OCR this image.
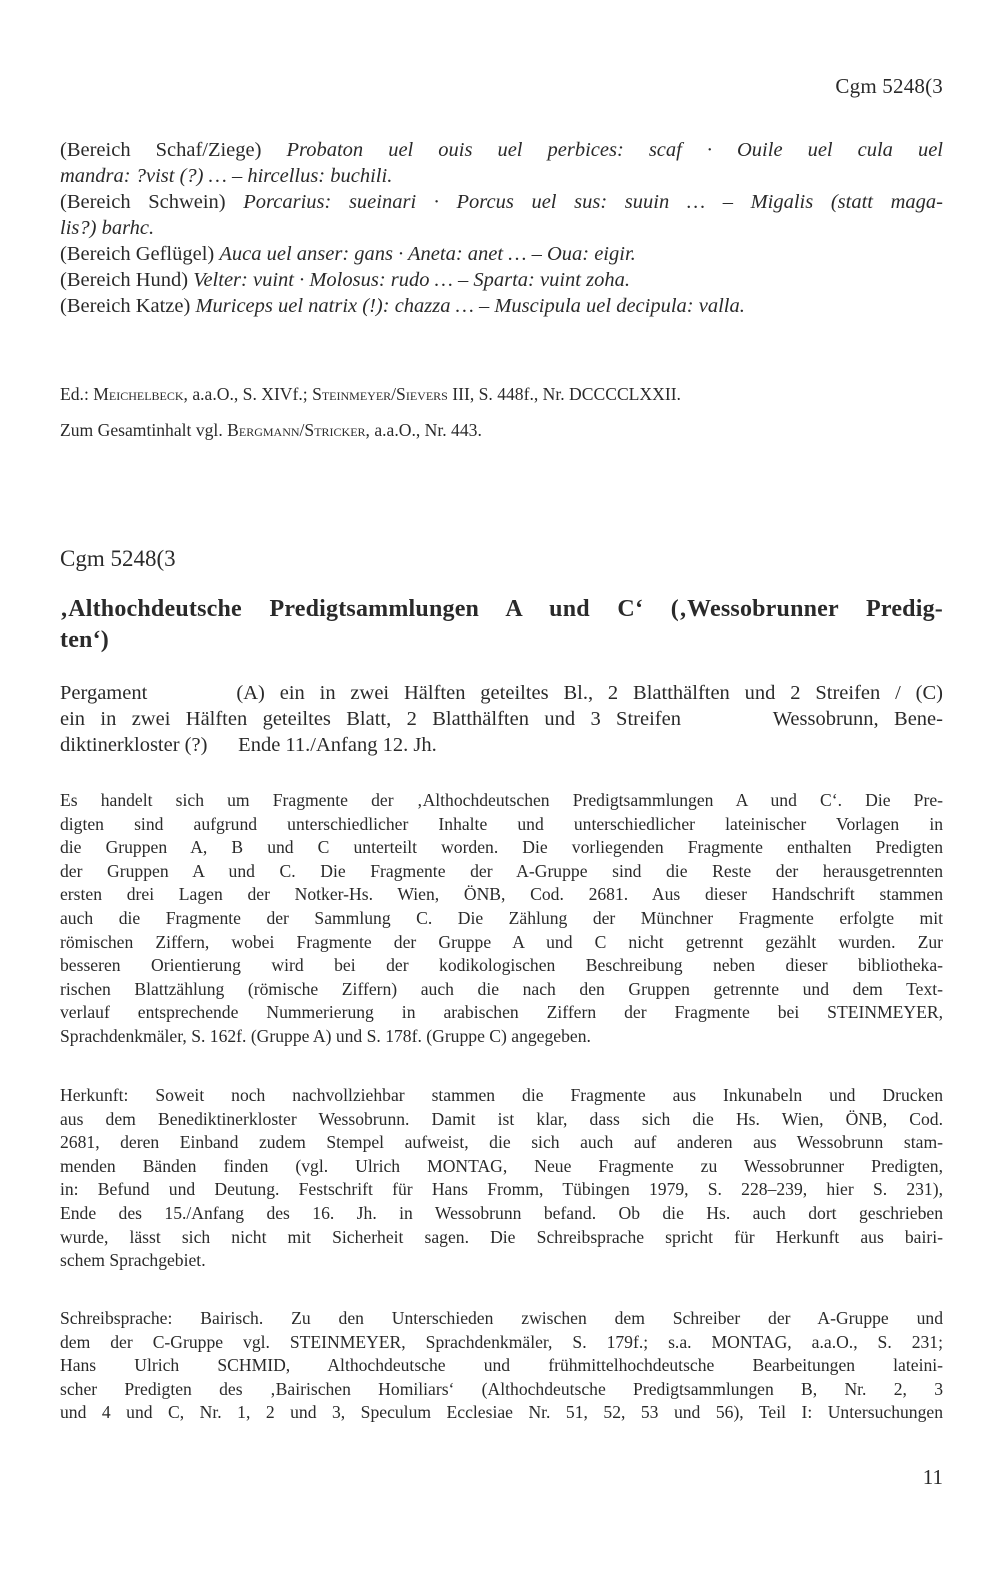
Cgm 5248(3
(Bereich Schaf/Ziege) Probaton uel ouis uel perbices: scaf · Ouile uel cula uel
mandra: ?vist (?) … – hircellus: buchili.
(Bereich Schwein) Porcarius: sueinari · Porcus uel sus: suuin … – Migalis (statt maga-
lis?) barhc.
(Bereich Geflügel) Auca uel anser: gans · Aneta: anet … – Oua: eigir.
(Bereich Hund) Velter: vuint · Molosus: rudo … – Sparta: vuint zoha.
(Bereich Katze) Muriceps uel natrix (!): chazza … – Muscipula uel decipula: valla.
Ed.: Meichelbeck, a.a.O., S. XIVf.; Steinmeyer/Sievers III, S. 448f., Nr. DCCCCLXXII.
Zum Gesamtinhalt vgl. Bergmann/Stricker, a.a.O., Nr. 443.
Cgm 5248(3
‚Althochdeutsche Predigtsammlungen A und C‘ (‚Wessobrunner Predig-
ten‘)
Pergament      (A) ein in zwei Hälften geteiltes Bl., 2 Blatthälften und 2 Streifen / (C)
ein in zwei Hälften geteiltes Blatt, 2 Blatthälften und 3 Streifen      Wessobrunn, Bene-
diktinerkloster (?)      Ende 11./Anfang 12. Jh.
Es handelt sich um Fragmente der ‚Althochdeutschen Predigtsammlungen A und C‘. Die Pre-
digten sind aufgrund unterschiedlicher Inhalte und unterschiedlicher lateinischer Vorlagen in
die Gruppen A, B und C unterteilt worden. Die vorliegenden Fragmente enthalten Predigten
der Gruppen A und C. Die Fragmente der A-Gruppe sind die Reste der herausgetrennten
ersten drei Lagen der Notker-Hs. Wien, ÖNB, Cod. 2681. Aus dieser Handschrift stammen
auch die Fragmente der Sammlung C. Die Zählung der Münchner Fragmente erfolgte mit
römischen Ziffern, wobei Fragmente der Gruppe A und C nicht getrennt gezählt wurden. Zur
besseren Orientierung wird bei der kodikologischen Beschreibung neben dieser bibliotheka-
rischen Blattzählung (römische Ziffern) auch die nach den Gruppen getrennte und dem Text-
verlauf entsprechende Nummerierung in arabischen Ziffern der Fragmente bei STEINMEYER,
Sprachdenkmäler, S. 162f. (Gruppe A) und S. 178f. (Gruppe C) angegeben.
Herkunft: Soweit noch nachvollziehbar stammen die Fragmente aus Inkunabeln und Drucken
aus dem Benediktinerkloster Wessobrunn. Damit ist klar, dass sich die Hs. Wien, ÖNB, Cod.
2681, deren Einband zudem Stempel aufweist, die sich auch auf anderen aus Wessobrunn stam-
menden Bänden finden (vgl. Ulrich MONTAG, Neue Fragmente zu Wessobrunner Predigten,
in: Befund und Deutung. Festschrift für Hans Fromm, Tübingen 1979, S. 228–239, hier S. 231),
Ende des 15./Anfang des 16. Jh. in Wessobrunn befand. Ob die Hs. auch dort geschrieben
wurde, lässt sich nicht mit Sicherheit sagen. Die Schreibsprache spricht für Herkunft aus bairi-
schem Sprachgebiet.
Schreibsprache: Bairisch. Zu den Unterschieden zwischen dem Schreiber der A-Gruppe und
dem der C-Gruppe vgl. STEINMEYER, Sprachdenkmäler, S. 179f.; s.a. MONTAG, a.a.O., S. 231;
Hans Ulrich SCHMID, Althochdeutsche und frühmittelhochdeutsche Bearbeitungen lateini-
scher Predigten des ‚Bairischen Homiliars‘ (Althochdeutsche Predigtsammlungen B, Nr. 2, 3
und 4 und C, Nr. 1, 2 und 3, Speculum Ecclesiae Nr. 51, 52, 53 und 56), Teil I: Untersuchungen
11
